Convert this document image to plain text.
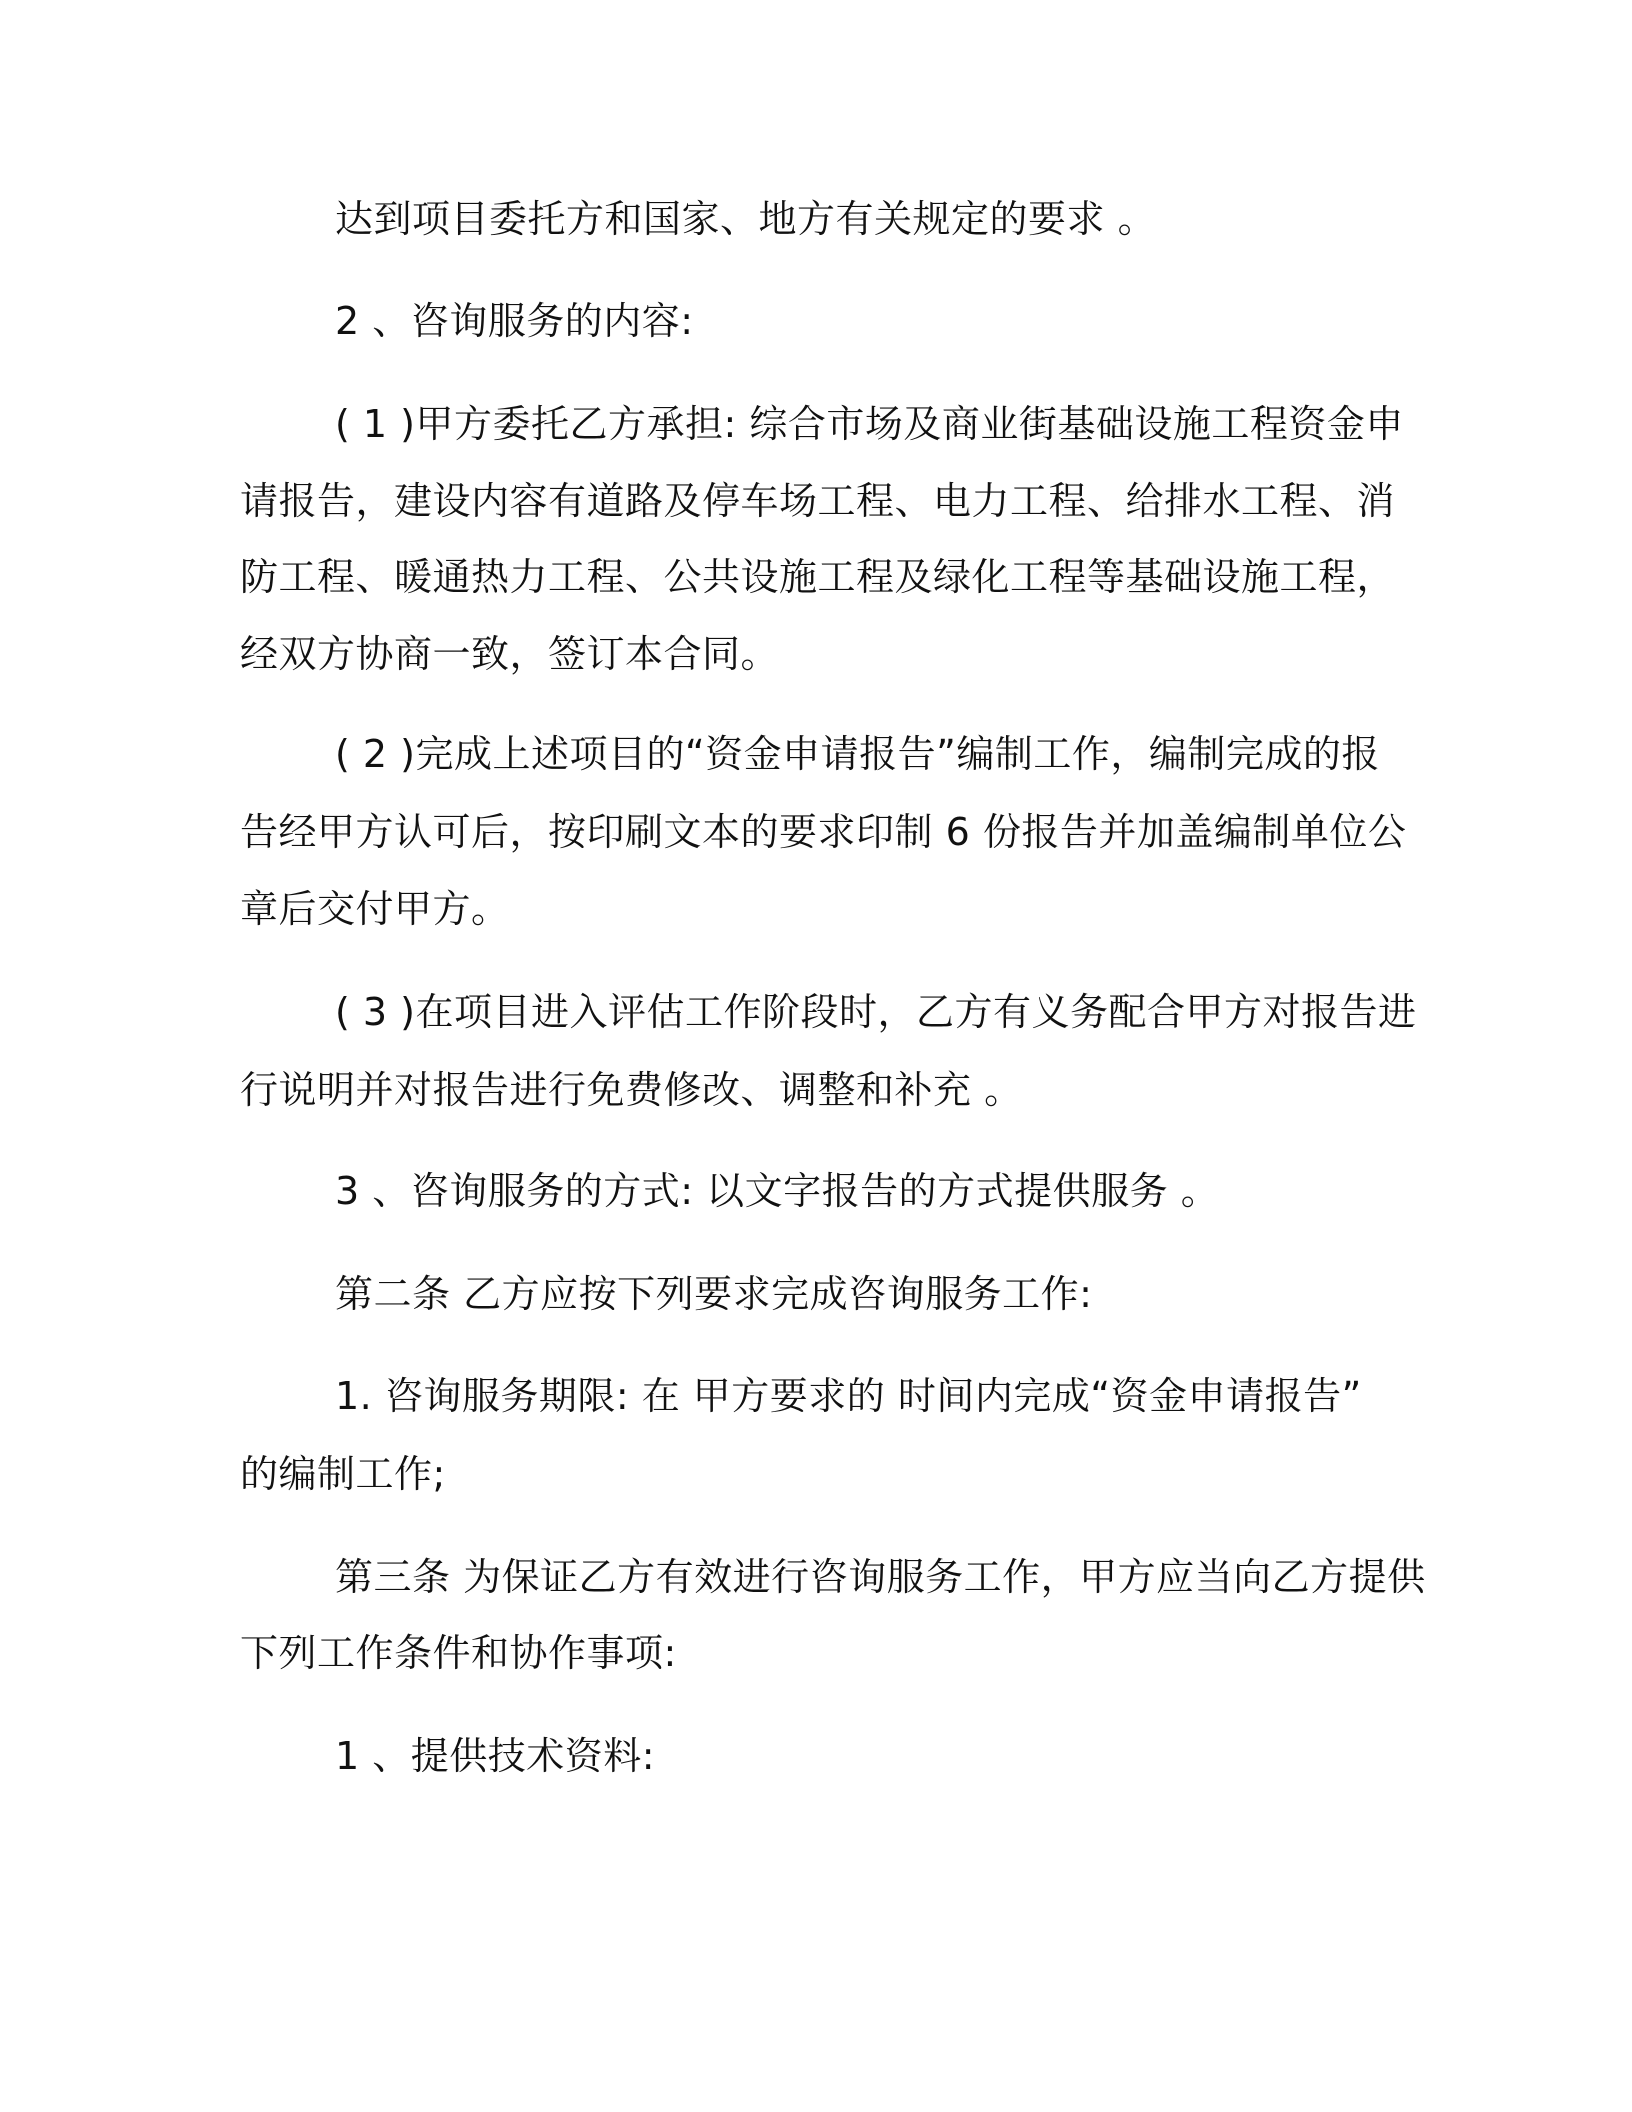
达到项目委托方和国家、地方有关规定的要求 。
2 、咨询服务的内容:
( 1 )甲方委托乙方承担: 综合市场及商业街基础设施工程资金申
请报告，建设内容有道路及停车场工程、电力工程、给排水工程、消
防工程、暖通热力工程、公共设施工程及绿化工程等基础设施工程，
经双方协商一致，签订本合同。
( 2 )完成上述项目的“资金申请报告”编制工作，编制完成的报
告经甲方认可后，按印刷文本的要求印制 6 份报告并加盖编制单位公
章后交付甲方。
( 3 )在项目进入评估工作阶段时，乙方有义务配合甲方对报告进
行说明并对报告进行免费修改、调整和补充 。
3 、咨询服务的方式: 以文字报告的方式提供服务 。
第二条 乙方应按下列要求完成咨询服务工作:
1. 咨询服务期限: 在 甲方要求的 时间内完成“资金申请报告”
的编制工作;
第三条 为保证乙方有效进行咨询服务工作，甲方应当向乙方提供
下列工作条件和协作事项:
1 、提供技术资料:
